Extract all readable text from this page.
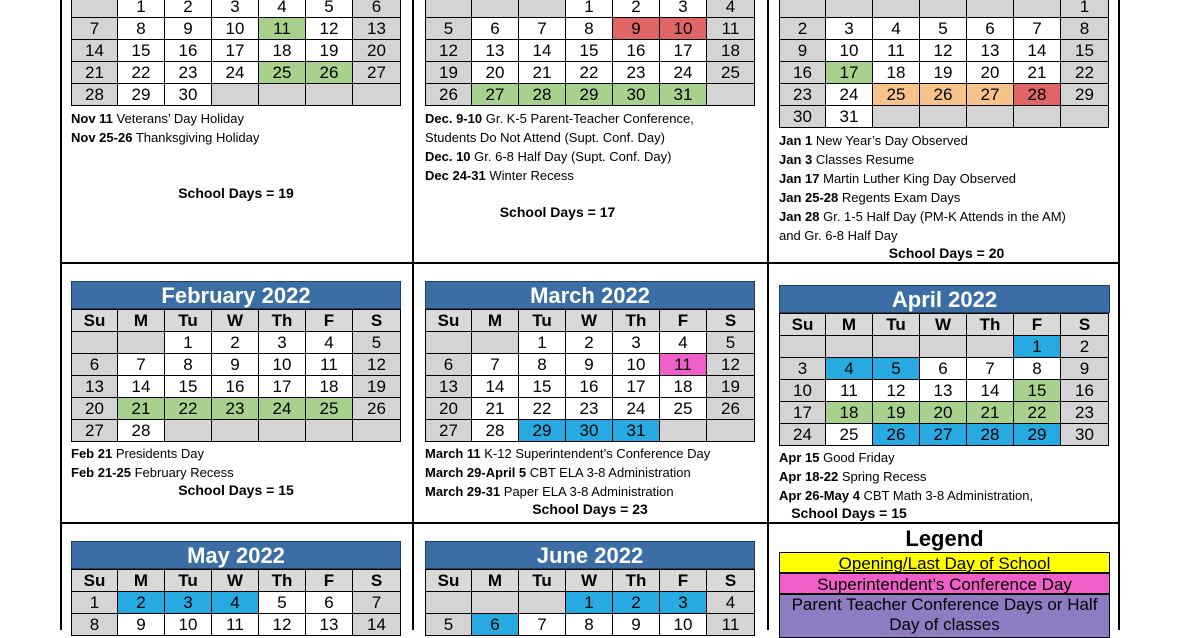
	1	2	3	4	5	6
7	8	9	10	11	12	13
14	15	16	17	18	19	20
21	22	23	24	25	26	27
28	29	30				
Nov 11 Veterans’ Day Holiday
Nov 25-26 Thanksgiving Holiday
School Days = 19
			1	2	3	4
5	6	7	8	9	10	11
12	13	14	15	16	17	18
19	20	21	22	23	24	25
26	27	28	29	30	31	
Dec. 9-10 Gr. K-5 Parent-Teacher Conference,
Students Do Not Attend (Supt. Conf. Day)
Dec. 10 Gr. 6-8 Half Day (Supt. Conf. Day)
Dec 24-31 Winter Recess
School Days = 17
						1
2	3	4	5	6	7	8
9	10	11	12	13	14	15
16	17	18	19	20	21	22
23	24	25	26	27	28	29
30	31					
Jan 1 New Year’s Day Observed
Jan 3 Classes Resume
Jan 17 Martin Luther King Day Observed
Jan 25-28 Regents Exam Days
Jan 28 Gr. 1-5 Half Day (PM-K Attends in the AM)
and Gr. 6-8 Half Day
School Days = 20
February 2022
Su	M	Tu	W	Th	F	S
		1	2	3	4	5
6	7	8	9	10	11	12
13	14	15	16	17	18	19
20	21	22	23	24	25	26
27	28					
Feb 21 Presidents Day
Feb 21-25 February Recess
School Days = 15
March 2022
Su	M	Tu	W	Th	F	S
		1	2	3	4	5
6	7	8	9	10	11	12
13	14	15	16	17	18	19
20	21	22	23	24	25	26
27	28	29	30	31		
March 11 K-12 Superintendent’s Conference Day
March 29-April 5 CBT ELA 3-8 Administration
March 29-31 Paper ELA 3-8 Administration
School Days = 23
April 2022
Su	M	Tu	W	Th	F	S
					1	2
3	4	5	6	7	8	9
10	11	12	13	14	15	16
17	18	19	20	21	22	23
24	25	26	27	28	29	30
Apr 15 Good Friday
Apr 18-22 Spring Recess
Apr 26-May 4 CBT Math 3-8 Administration,
School Days = 15
May 2022
Su	M	Tu	W	Th	F	S
1	2	3	4	5	6	7
8	9	10	11	12	13	14
June 2022
Su	M	Tu	W	Th	F	S
			1	2	3	4
5	6	7	8	9	10	11
Legend
Opening/Last Day of School
Superintendent’s Conference Day
Parent Teacher Conference Days or Half Day of classes
